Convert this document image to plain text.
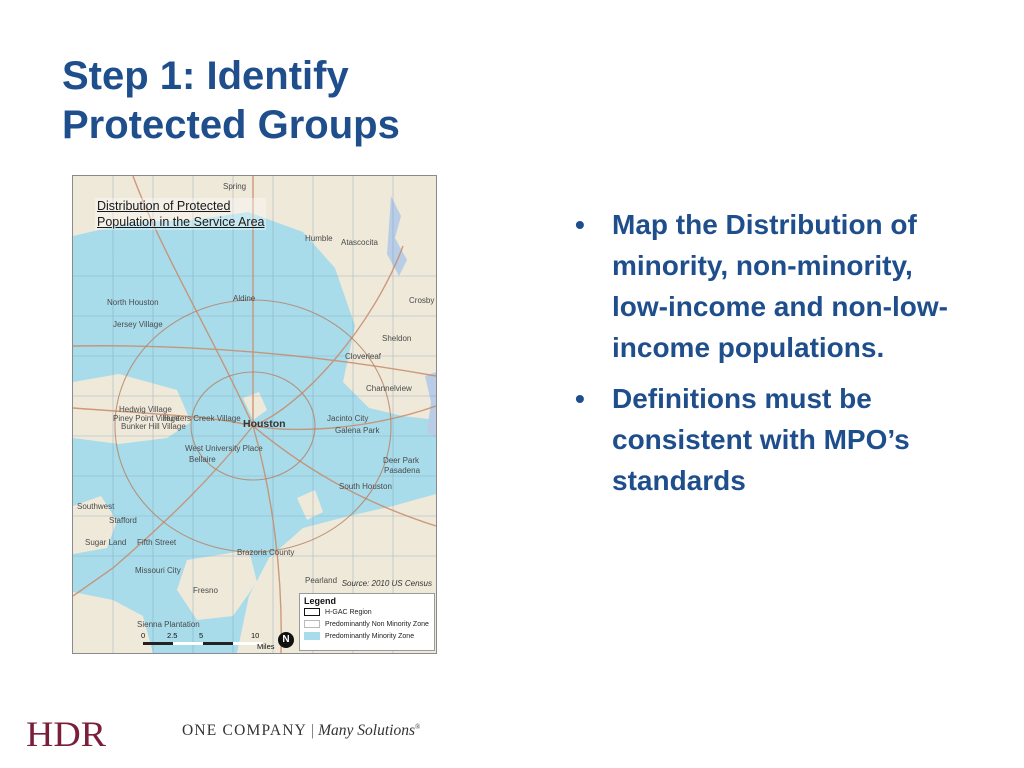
Step 1: Identify
Protected Groups
Distribution of Protected
Population in the Service Area
Spring
Humble Atascocita
Aldine
North Houston
Jersey Village
Sheldon
Crosby
Channelview
Cloverleaf
Hedwig Village
Hunters Creek Village
Piney Point Village
Bunker Hill Village	Houston	Jacinto City
Galena Park
West University Place
Bellaire	Deer Park
Pasadena
South Houston
Southwest
Stafford
Sugar Land Fifth Street
Missouri City
Brazoria County
Fresno
Pearland
Sienna Plantation
Source: 2010 US Census
Legend
H-GAC Region
Predominantly Non Minority Zone
Predominantly Minority Zone
0	2.5	5	10
Miles
N
• Map the Distribution of minority, non-minority, low-income and non-low-income populations.
• Definitions must be consistent with MPO’s standards
HDR	ONE COMPANY | Many Solutions®
